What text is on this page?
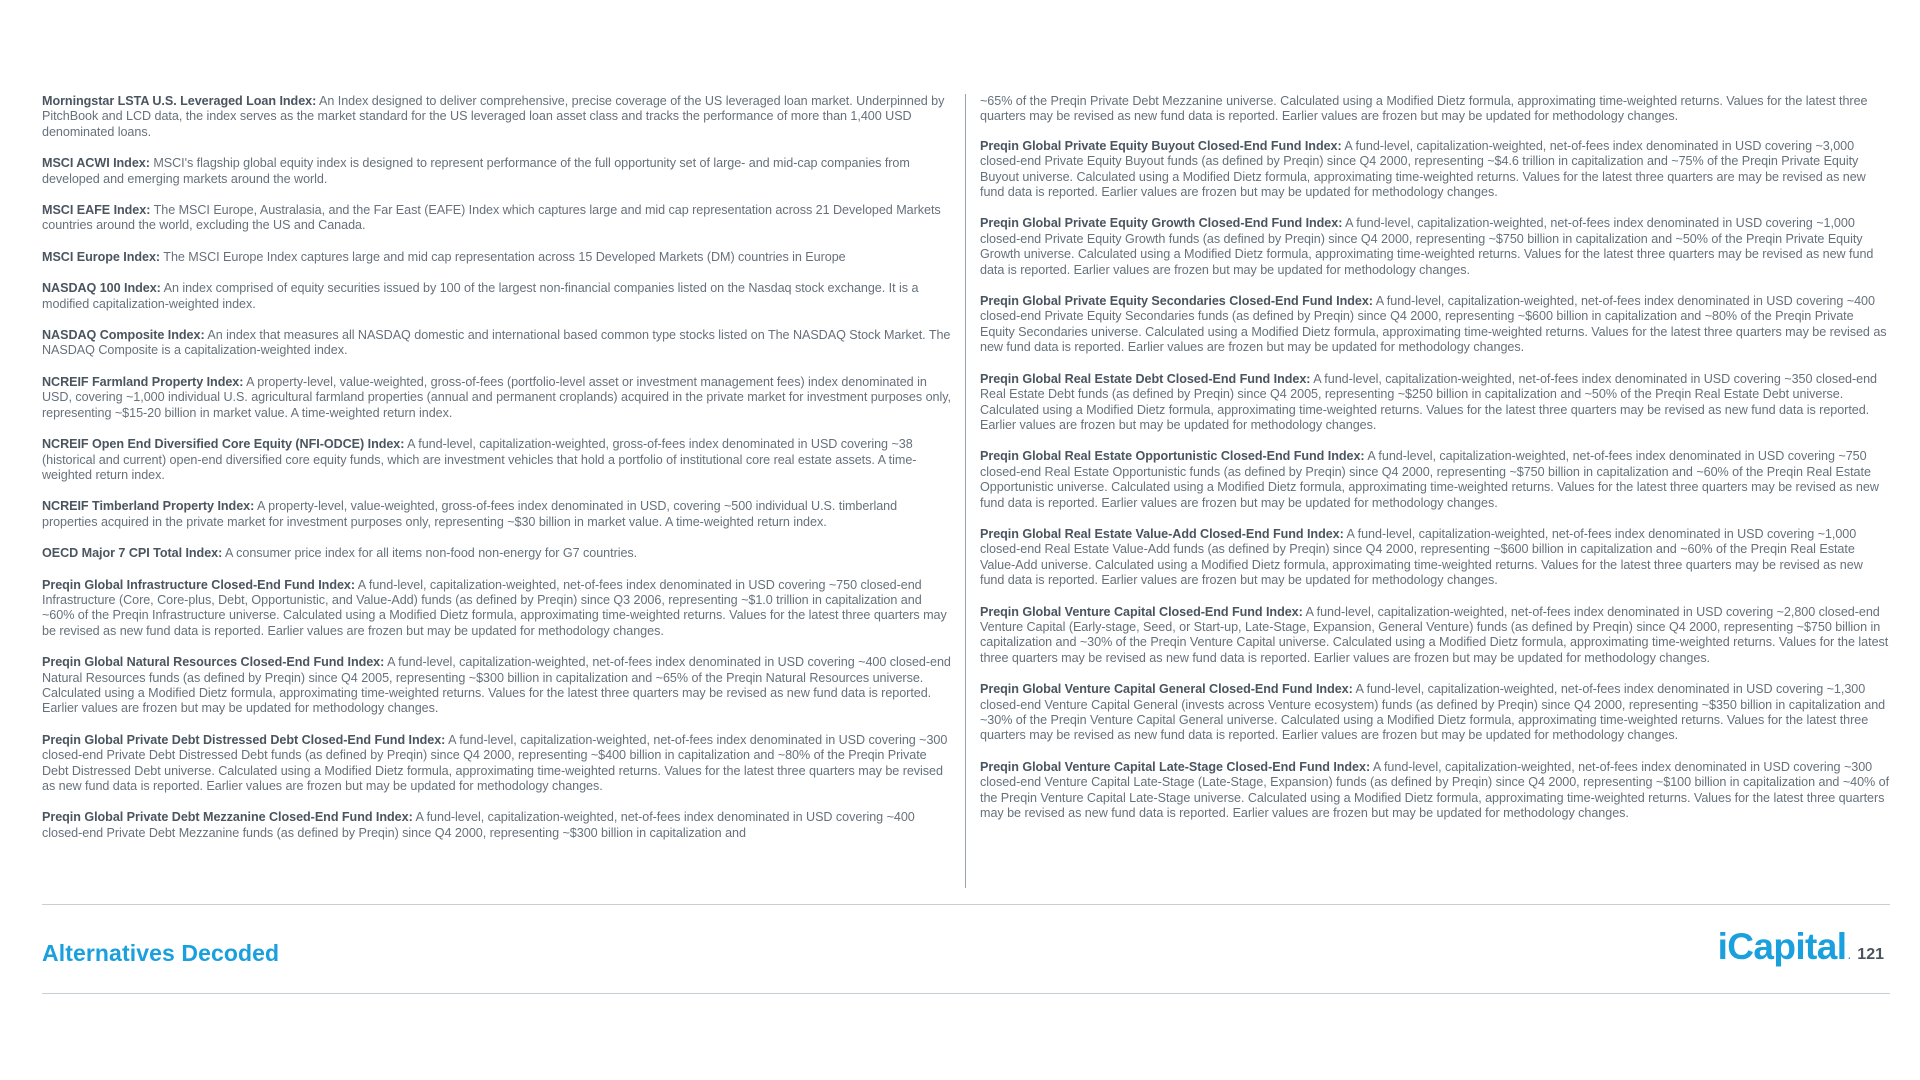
Morningstar LSTA U.S. Leveraged Loan Index: An Index designed to deliver comprehensive, precise coverage of the US leveraged loan market. Underpinned by PitchBook and LCD data, the index serves as the market standard for the US leveraged loan asset class and tracks the performance of more than 1,400 USD denominated loans.

MSCI ACWI Index: MSCI's flagship global equity index is designed to represent performance of the full opportunity set of large- and mid-cap companies from developed and emerging markets around the world.

MSCI EAFE Index: The MSCI Europe, Australasia, and the Far East (EAFE) Index which captures large and mid cap representation across 21 Developed Markets countries around the world, excluding the US and Canada.

MSCI Europe Index: The MSCI Europe Index captures large and mid cap representation across 15 Developed Markets (DM) countries in Europe

NASDAQ 100 Index: An index comprised of equity securities issued by 100 of the largest non-financial companies listed on the Nasdaq stock exchange. It is a modified capitalization-weighted index.

NASDAQ Composite Index: An index that measures all NASDAQ domestic and international based common type stocks listed on The NASDAQ Stock Market. The NASDAQ Composite is a capitalization-weighted index.

NCREIF Farmland Property Index: A property-level, value-weighted, gross-of-fees (portfolio-level asset or investment management fees) index denominated in USD, covering ~1,000 individual U.S. agricultural farmland properties (annual and permanent croplands) acquired in the private market for investment purposes only, representing ~$15-20 billion in market value. A time-weighted return index.

NCREIF Open End Diversified Core Equity (NFI-ODCE) Index: A fund-level, capitalization-weighted, gross-of-fees index denominated in USD covering ~38 (historical and current) open-end diversified core equity funds, which are investment vehicles that hold a portfolio of institutional core real estate assets. A time-weighted return index.

NCREIF Timberland Property Index: A property-level, value-weighted, gross-of-fees index denominated in USD, covering ~500 individual U.S. timberland properties acquired in the private market for investment purposes only, representing ~$30 billion in market value. A time-weighted return index.

OECD Major 7 CPI Total Index: A consumer price index for all items non-food non-energy for G7 countries.

Preqin Global Infrastructure Closed-End Fund Index: A fund-level, capitalization-weighted, net-of-fees index denominated in USD covering ~750 closed-end Infrastructure (Core, Core-plus, Debt, Opportunistic, and Value-Add) funds (as defined by Preqin) since Q3 2006, representing ~$1.0 trillion in capitalization and ~60% of the Preqin Infrastructure universe. Calculated using a Modified Dietz formula, approximating time-weighted returns. Values for the latest three quarters may be revised as new fund data is reported. Earlier values are frozen but may be updated for methodology changes.

Preqin Global Natural Resources Closed-End Fund Index: A fund-level, capitalization-weighted, net-of-fees index denominated in USD covering ~400 closed-end Natural Resources funds (as defined by Preqin) since Q4 2005, representing ~$300 billion in capitalization and ~65% of the Preqin Natural Resources universe. Calculated using a Modified Dietz formula, approximating time-weighted returns. Values for the latest three quarters may be revised as new fund data is reported. Earlier values are frozen but may be updated for methodology changes.

Preqin Global Private Debt Distressed Debt Closed-End Fund Index: A fund-level, capitalization-weighted, net-of-fees index denominated in USD covering ~300 closed-end Private Debt Distressed Debt funds (as defined by Preqin) since Q4 2000, representing ~$400 billion in capitalization and ~80% of the Preqin Private Debt Distressed Debt universe. Calculated using a Modified Dietz formula, approximating time-weighted returns. Values for the latest three quarters may be revised as new fund data is reported. Earlier values are frozen but may be updated for methodology changes.

Preqin Global Private Debt Mezzanine Closed-End Fund Index: A fund-level, capitalization-weighted, net-of-fees index denominated in USD covering ~400 closed-end Private Debt Mezzanine funds (as defined by Preqin) since Q4 2000, representing ~$300 billion in capitalization and

~65% of the Preqin Private Debt Mezzanine universe. Calculated using a Modified Dietz formula, approximating time-weighted returns. Values for the latest three quarters may be revised as new fund data is reported. Earlier values are frozen but may be updated for methodology changes.

Preqin Global Private Equity Buyout Closed-End Fund Index: A fund-level, capitalization-weighted, net-of-fees index denominated in USD covering ~3,000 closed-end Private Equity Buyout funds (as defined by Preqin) since Q4 2000, representing ~$4.6 trillion in capitalization and ~75% of the Preqin Private Equity Buyout universe. Calculated using a Modified Dietz formula, approximating time-weighted returns. Values for the latest three quarters are may be revised as new fund data is reported. Earlier values are frozen but may be updated for methodology changes.

Preqin Global Private Equity Growth Closed-End Fund Index: A fund-level, capitalization-weighted, net-of-fees index denominated in USD covering ~1,000 closed-end Private Equity Growth funds (as defined by Preqin) since Q4 2000, representing ~$750 billion in capitalization and ~50% of the Preqin Private Equity Growth universe. Calculated using a Modified Dietz formula, approximating time-weighted returns. Values for the latest three quarters may be revised as new fund data is reported. Earlier values are frozen but may be updated for methodology changes.

Preqin Global Private Equity Secondaries Closed-End Fund Index: A fund-level, capitalization-weighted, net-of-fees index denominated in USD covering ~400 closed-end Private Equity Secondaries funds (as defined by Preqin) since Q4 2000, representing ~$600 billion in capitalization and ~80% of the Preqin Private Equity Secondaries universe. Calculated using a Modified Dietz formula, approximating time-weighted returns. Values for the latest three quarters may be revised as new fund data is reported. Earlier values are frozen but may be updated for methodology changes.

Preqin Global Real Estate Debt Closed-End Fund Index: A fund-level, capitalization-weighted, net-of-fees index denominated in USD covering ~350 closed-end Real Estate Debt funds (as defined by Preqin) since Q4 2005, representing ~$250 billion in capitalization and ~50% of the Preqin Real Estate Debt universe. Calculated using a Modified Dietz formula, approximating time-weighted returns. Values for the latest three quarters may be revised as new fund data is reported. Earlier values are frozen but may be updated for methodology changes.

Preqin Global Real Estate Opportunistic Closed-End Fund Index: A fund-level, capitalization-weighted, net-of-fees index denominated in USD covering ~750 closed-end Real Estate Opportunistic funds (as defined by Preqin) since Q4 2000, representing ~$750 billion in capitalization and ~60% of the Preqin Real Estate Opportunistic universe. Calculated using a Modified Dietz formula, approximating time-weighted returns. Values for the latest three quarters may be revised as new fund data is reported. Earlier values are frozen but may be updated for methodology changes.

Preqin Global Real Estate Value-Add Closed-End Fund Index: A fund-level, capitalization-weighted, net-of-fees index denominated in USD covering ~1,000 closed-end Real Estate Value-Add funds (as defined by Preqin) since Q4 2000, representing ~$600 billion in capitalization and ~60% of the Preqin Real Estate Value-Add universe. Calculated using a Modified Dietz formula, approximating time-weighted returns. Values for the latest three quarters may be revised as new fund data is reported. Earlier values are frozen but may be updated for methodology changes.

Preqin Global Venture Capital Closed-End Fund Index: A fund-level, capitalization-weighted, net-of-fees index denominated in USD covering ~2,800 closed-end Venture Capital (Early-stage, Seed, or Start-up, Late-Stage, Expansion, General Venture) funds (as defined by Preqin) since Q4 2000, representing ~$750 billion in capitalization and ~30% of the Preqin Venture Capital universe. Calculated using a Modified Dietz formula, approximating time-weighted returns. Values for the latest three quarters may be revised as new fund data is reported. Earlier values are frozen but may be updated for methodology changes.

Preqin Global Venture Capital General Closed-End Fund Index: A fund-level, capitalization-weighted, net-of-fees index denominated in USD covering ~1,300 closed-end Venture Capital General (invests across Venture ecosystem) funds (as defined by Preqin) since Q4 2000, representing ~$350 billion in capitalization and ~30% of the Preqin Venture Capital General universe. Calculated using a Modified Dietz formula, approximating time-weighted returns. Values for the latest three quarters may be revised as new fund data is reported. Earlier values are frozen but may be updated for methodology changes.

Preqin Global Venture Capital Late-Stage Closed-End Fund Index: A fund-level, capitalization-weighted, net-of-fees index denominated in USD covering ~300 closed-end Venture Capital Late-Stage (Late-Stage, Expansion) funds (as defined by Preqin) since Q4 2000, representing ~$100 billion in capitalization and ~40% of the Preqin Venture Capital Late-Stage universe. Calculated using a Modified Dietz formula, approximating time-weighted returns. Values for the latest three quarters may be revised as new fund data is reported. Earlier values are frozen but may be updated for methodology changes.

Alternatives Decoded	iCapital . 121
